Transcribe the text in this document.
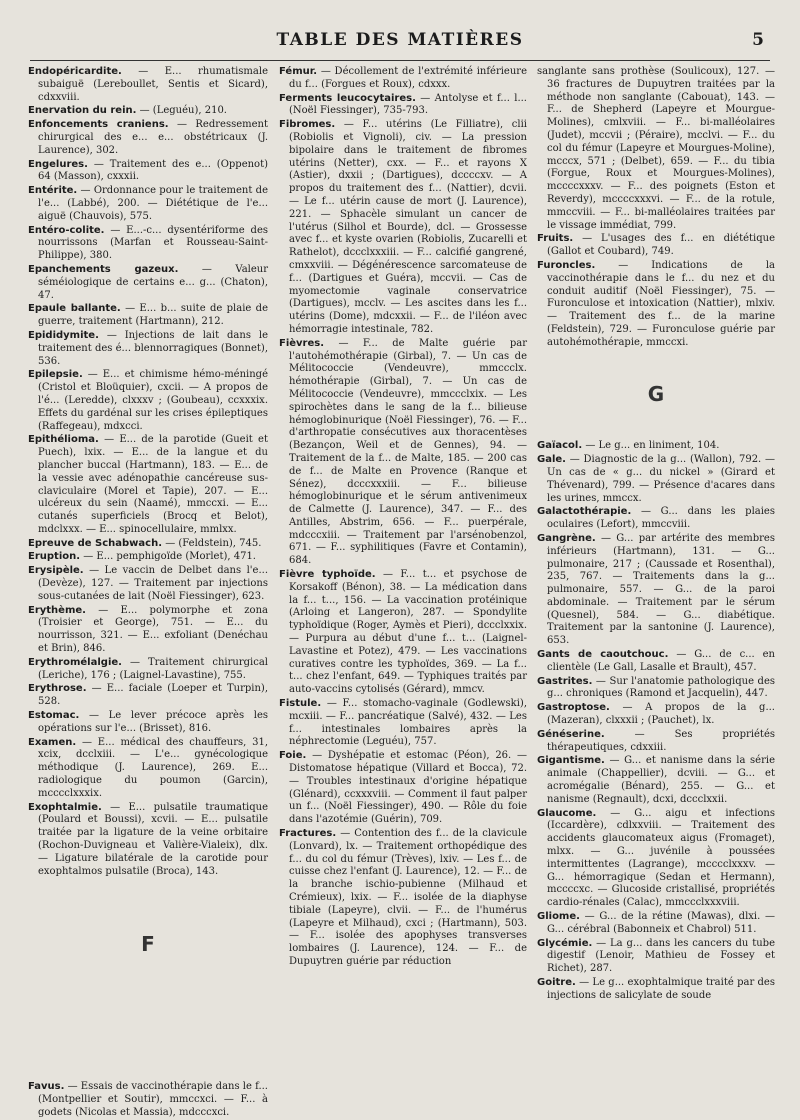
TABLE DES MATIÈRES	5
Endopéricardite. — E... rhumatismale subaiguë (Lereboullet, Sentis et Sicard), cdxxviii.
Enervation du rein. — (Leguéu), 210.
Enfoncements craniens. — Redressement chirurgical des e... e... obstétricaux (J. Laurence), 302.
Engelures. — Traitement des e... (Oppenot) 64 (Masson), cxxxii.
Entérite. — Ordonnance pour le traitement de l'e... (Labbé), 200. — Diététique de l'e... aiguë (Chauvois), 575.
Entéro-colite. — E...-c... dysentériforme des nourrissons (Marfan et Rousseau-Saint-Philippe), 380.
Epanchements gazeux. — Valeur séméiologique de certains e... g... (Chaton), 47.
Epaule ballante. — E... b... suite de plaie de guerre, traitement (Hartmann), 212.
Epididymite. — Injections de lait dans le traitement des é... blennorragiques (Bonnet), 536.
Epilepsie. — E... et chimisme hémo-méningé (Cristol et Bloüquier), cxcii. — A propos de l'é... (Leredde), clxxxv ; (Goubeau), ccxxxix. Effets du gardénal sur les crises épileptiques (Raffegeau), mdxcci.
Epithélioma. — E... de la parotide (Gueit et Puech), lxix. — E... de la langue et du plancher buccal (Hartmann), 183. — E... de la vessie avec adénopathie cancéreuse sus-claviculaire (Morel et Tapie), 207. — E... ulcéreux du sein (Naamé), mmccxi. — E... cutanés superficiels (Brocq et Belot), mdclxxx. — E... spinocellulaire, mmlxx.
Epreuve de Schabwach. — (Feldstein), 745.
Eruption. — E... pemphigoïde (Morlet), 471.
Erysipèle. — Le vaccin de Delbet dans l'e... (Devèze), 127. — Traitement par injections sous-cutanées de lait (Noël Fiessinger), 623.
Erythème. — E... polymorphe et zona (Troisier et George), 751. — E... du nourrisson, 321. — E... exfoliant (Denéchau et Brin), 846.
Erythromélalgie. — Traitement chirurgical (Leriche), 176 ; (Laignel-Lavastine), 755.
Erythrose. — E... faciale (Loeper et Turpin), 528.
Estomac. — Le lever précoce après les opérations sur l'e... (Brisset), 816.
Examen. — E... médical des chauffeurs, 31, xcix, dcclxiii. — L'e... gynécologique méthodique (J. Laurence), 269. E... radiologique du poumon (Garcin), mcccclxxxix.
Exophtalmie. — E... pulsatile traumatique (Poulard et Boussi), xcvii. — E... pulsatile traitée par la ligature de la veine orbitaire (Rochon-Duvigneau et Valière-Vialeix), dlx. — Ligature bilatérale de la carotide pour exophtalmos pulsatile (Broca), 143.
F
Favus. — Essais de vaccinothérapie dans le f... (Montpellier et Soutir), mmccxci. — F... à godets (Nicolas et Massia), mdcccxci.
Fémur. — Décollement de l'extrémité inférieure du f... (Forgues et Roux), cdxxx.
Ferments leucocytaires. — Antolyse et f... l... (Noël Fiessinger), 735-793.
Fibromes. — F... utérins (Le Filliatre), clii (Robiolis et Vignoli), civ. — La pression bipolaire dans le traitement de fibromes utérins (Netter), cxx. — F... et rayons X (Astier), dxxii ; (Dartigues), dccccxv. — A propos du traitement des f... (Nattier), dcvii. — Le f... utérin cause de mort (J. Laurence), 221. — Sphacèle simulant un cancer de l'utérus (Silhol et Bourde), dcl. — Grossesse avec f... et kyste ovarien (Robiolis, Zucarelli et Rathelot), dccclxxxiii. — F... calcifié gangrené, cmxxviii. — Dégénérescence sarcomateuse de f... (Dartigues et Guéra), mccvii. — Cas de myomectomie vaginale conservatrice (Dartigues), mcclv. — Les ascites dans les f... utérins (Dome), mdcxxii. — F... de l'iléon avec hémorragie intestinale, 782.
Fièvres. — F... de Malte guérie par l'autohémothérapie (Girbal), 7. — Un cas de Mélitococcie (Vendeuvre), mmccclx. hémothérapie (Girbal), 7. — Un cas de Mélitococcie (Vendeuvre), mmccclxix. — Les spirochètes dans le sang de la f... bilieuse hémoglobinurique (Noël Fiessinger), 76. — F... d'arthropatie consécutives aux thoracentèses (Bezançon, Weil et de Gennes), 94. — Traitement de la f... de Malte, 185. — 200 cas de f... de Malte en Provence (Ranque et Sénez), dcccxxxiii. — F... bilieuse hémoglobinurique et le sérum antivenimeux de Calmette (J. Laurence), 347. — F... des Antilles, Abstrim, 656. — F... puerpérale, mdcccxiii. — Traitement par l'arsénobenzol, 671. — F... syphilitiques (Favre et Contamin), 684.
Fièvre typhoïde. — F... t... et psychose de Korsakoff (Bénon), 38. — La médication dans la f... t..., 156. — La vaccination protéinique (Arloing et Langeron), 287. — Spondylite typhoïdique (Roger, Aymès et Pieri), dccclxxix. — Purpura au début d'une f... t... (Laignel-Lavastine et Potez), 479. — Les vaccinations curatives contre les typhoïdes, 369. — La f... t... chez l'enfant, 649. — Typhiques traités par auto-vaccins cytolisés (Gérard), mmcv.
Fistule. — F... stomacho-vaginale (Godlewski), mcxiii. — F... pancréatique (Salvé), 432. — Les f... intestinales lombaires après la néphrectomie (Leguéu), 757.
Foie. — Dyshépatie et estomac (Péon), 26. — Distomatose hépatique (Villard et Bocca), 72. — Troubles intestinaux d'origine hépatique (Glénard), ccxxxviii. — Comment il faut palper un f... (Noël Fiessinger), 490. — Rôle du foie dans l'azotémie (Guérin), 709.
Fractures. — Contention des f... de la clavicule (Lonvard), lx. — Traitement orthopédique des f... du col du fémur (Trèves), lxiv. — Les f... de cuisse chez l'enfant (J. Laurence), 12. — F... de la branche ischio-pubienne (Milhaud et Crémieux), lxix. — F... isolée de la diaphyse tibiale (Lapeyre), clvii. — F... de l'humérus (Lapeyre et Milhaud), cxci ; (Hartmann), 503. — F... isolée des apophyses transverses lombaires (J. Laurence), 124. — F... de Dupuytren guérie par réduction
sanglante sans prothèse (Soulicoux), 127. — 36 fractures de Dupuytren traitées par la méthode non sanglante (Cabouat), 143. — F... de Shepherd (Lapeyre et Mourgue-Molines), cmlxviii. — F... bi-malléolaires (Judet), mccvii ; (Péraire), mcclvi. — F... du col du fémur (Lapeyre et Mourgues-Moline), mcccx, 571 ; (Delbet), 659. — F... du tibia (Forgue, Roux et Mourgues-Molines), mccccxxxv. — F... des poignets (Eston et Reverdy), mccccxxxvi. — F... de la rotule, mmccviii. — F... bi-malléolaires traitées par le vissage immédiat, 799.
Fruits. — L'usages des f... en diététique (Gallot et Coubard), 749.
Furoncles. — Indications de la vaccinothérapie dans le f... du nez et du conduit auditif (Noël Fiessinger), 75. — Furonculose et intoxication (Nattier), mlxiv. — Traitement des f... de la marine (Feldstein), 729. — Furonculose guérie par autohémothérapie, mmccxi.
G
Gaïacol. — Le g... en liniment, 104.
Gale. — Diagnostic de la g... (Wallon), 792. — Un cas de « g... du nickel » (Girard et Thévenard), 799. — Présence d'acares dans les urines, mmccx.
Galactothérapie. — G... dans les plaies oculaires (Lefort), mmccviii.
Gangrène. — G... par artérite des membres inférieurs (Hartmann), 131. — G... pulmonaire, 217 ; (Caussade et Rosenthal), 235, 767. — Traitements dans la g... pulmonaire, 557. — G... de la paroi abdominale. — Traitement par le sérum (Quesnel), 584. — G... diabétique. Traitement par la santonine (J. Laurence), 653.
Gants de caoutchouc. — G... de c... en clientèle (Le Gall, Lasalle et Brault), 457.
Gastrites. — Sur l'anatomie pathologique des g... chroniques (Ramond et Jacquelin), 447.
Gastroptose. — A propos de la g... (Mazeran), clxxxii ; (Pauchet), lx.
Généserine.	— Ses propriétés thérapeutiques, cdxxiii.
Gigantisme. — G... et nanisme dans la série animale (Chappellier), dcviii. — G... et acromégalie (Bénard), 255. — G... et nanisme (Regnault), dcxi, dccclxxii.
Glaucome. — G... aigu et infections (Iccardère), cdlxxviii. — Traitement des accidents glaucomateux aigus (Fromaget), mlxx. — G... juvénile à poussées intermittentes (Lagrange), mcccclxxxv. — G... hémorragique (Sedan et Hermann), mccccxc. — Glucoside cristallisé, propriétés cardio-rénales (Calac), mmccclxxxviii.
Gliome. — G... de la rétine (Mawas), dlxi. — G... cérébral (Babonneix et Chabrol) 511.
Glycémie. — La g... dans les cancers du tube digestif (Lenoir, Mathieu de Fossey et Richet), 287.
Goitre. — Le g... exophtalmique traité par des injections de salicylate de soude
